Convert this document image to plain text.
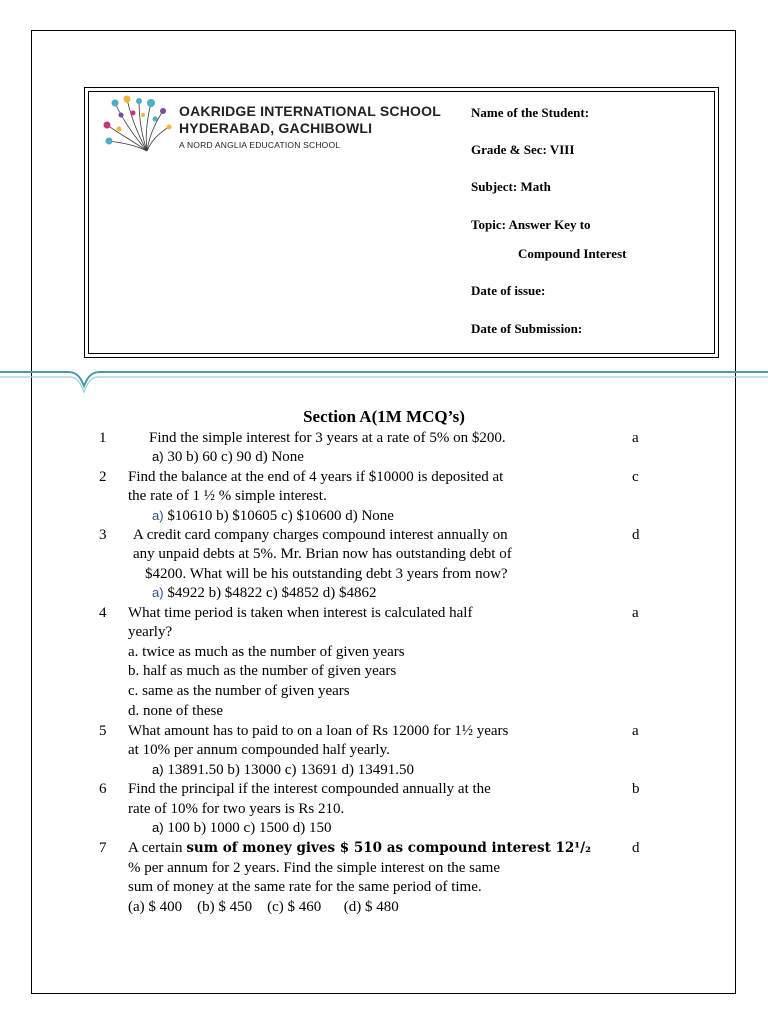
OAKRIDGE INTERNATIONAL SCHOOL
HYDERABAD, GACHIBOWLI
A NORD ANGLIA EDUCATION SCHOOL
Name of the Student:
Grade & Sec: VIII
Subject: Math
Topic: Answer Key to
Compound Interest
Date of issue:
Date of Submission:
Section A(1M MCQ’s)
1	a
Find the simple interest for 3 years at a rate of 5% on $200.
a) 30 b) 60 c) 90 d) None
2	c
Find the balance at the end of 4 years if $10000 is deposited at
the rate of 1 ½ % simple interest.
a) $10610 b) $10605 c) $10600 d) None
3	d
A credit card company charges compound interest annually on
any unpaid debts at 5%. Mr. Brian now has outstanding debt of
$4200. What will be his outstanding debt 3 years from now?
a) $4922 b) $4822 c) $4852 d) $4862
4	a
What time period is taken when interest is calculated half
yearly?
a. twice as much as the number of given years
b. half as much as the number of given years
c. same as the number of given years
d. none of these
5	a
What amount has to paid to on a loan of Rs 12000 for 1½ years
at 10% per annum compounded half yearly.
a) 13891.50 b) 13000 c) 13691 d) 13491.50
6	b
Find the principal if the interest compounded annually at the
rate of 10% for two years is Rs 210.
a) 100 b) 1000 c) 1500 d) 150
7	d
A certain sum of money gives $ 510 as compound interest 12¹/₂
% per annum for 2 years. Find the simple interest on the same
sum of money at the same rate for the same period of time.
(a) $ 400    (b) $ 450    (c) $ 460      (d) $ 480
